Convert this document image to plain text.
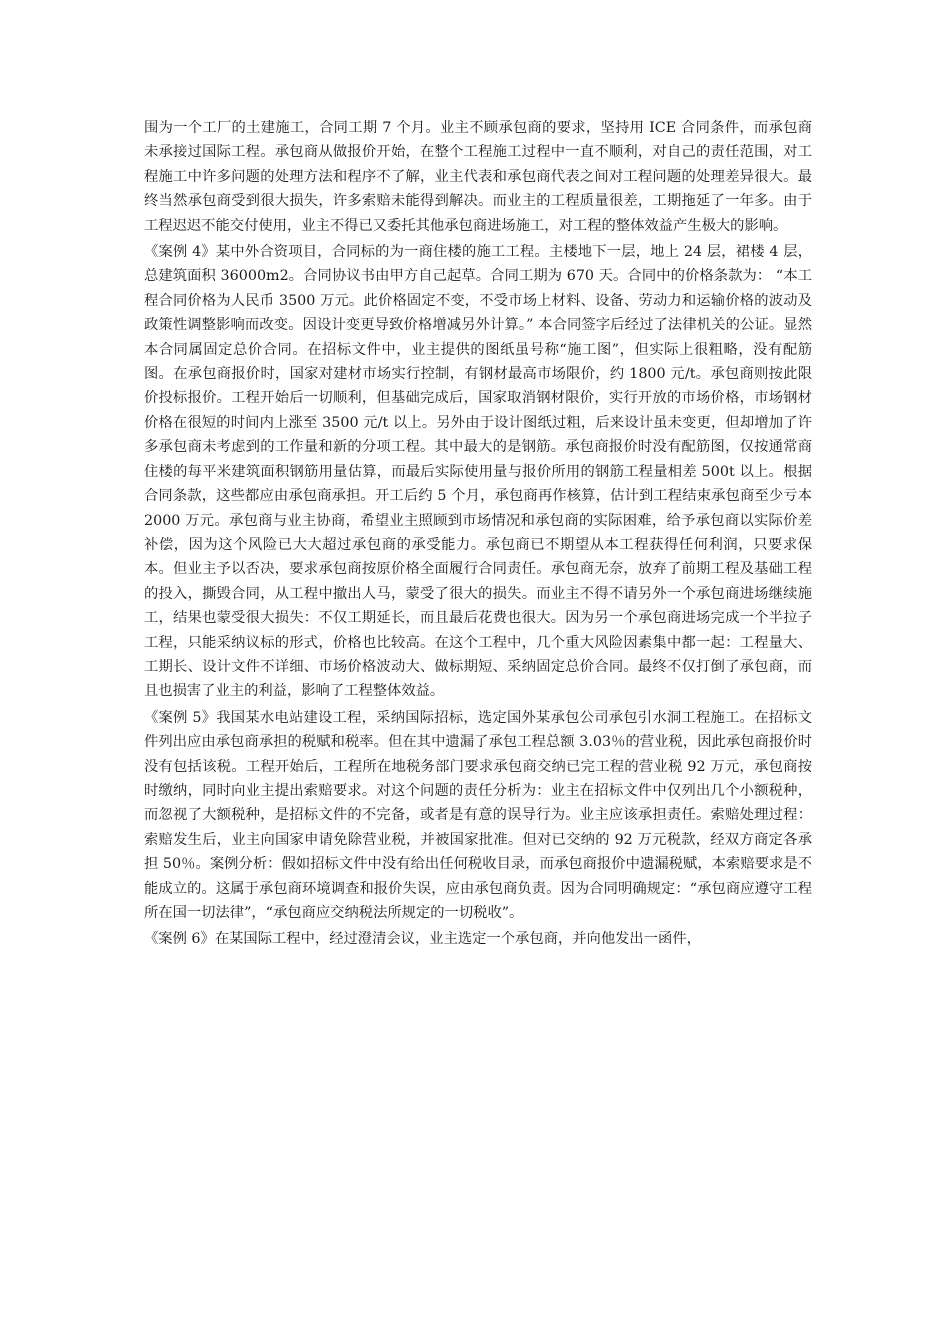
围为一个工厂的土建施工，合同工期 7 个月。业主不顾承包商的要求，坚持用 ICE 合同条件，而承包商未承接过国际工程。承包商从做报价开始，在整个工程施工过程中一直不顺利，对自己的责任范围，对工程施工中许多问题的处理方法和程序不了解，业主代表和承包商代表之间对工程问题的处理差异很大。最终当然承包商受到很大损失，许多索赔未能得到解决。而业主的工程质量很差，工期拖延了一年多。由于工程迟迟不能交付使用，业主不得已又委托其他承包商进场施工，对工程的整体效益产生极大的影响。

《案例 4》某中外合资项目，合同标的为一商住楼的施工工程。主楼地下一层，地上 24 层，裙楼 4 层，总建筑面积 36000m2。合同协议书由甲方自己起草。合同工期为 670 天。合同中的价格条款为： “本工程合同价格为人民币 3500 万元。此价格固定不变，不受市场上材料、设备、劳动力和运输价格的波动及政策性调整影响而改变。因设计变更导致价格增减另外计算。” 本合同签字后经过了法律机关的公证。显然本合同属固定总价合同。在招标文件中，业主提供的图纸虽号称“施工图”，但实际上很粗略，没有配筋图。在承包商报价时，国家对建材市场实行控制，有钢材最高市场限价，约 1800 元/t。承包商则按此限价投标报价。工程开始后一切顺利，但基础完成后，国家取消钢材限价，实行开放的市场价格，市场钢材价格在很短的时间内上涨至 3500 元/t 以上。另外由于设计图纸过粗，后来设计虽未变更，但却增加了许多承包商未考虑到的工作量和新的分项工程。其中最大的是钢筋。承包商报价时没有配筋图，仅按通常商住楼的每平米建筑面积钢筋用量估算，而最后实际使用量与报价所用的钢筋工程量相差 500t 以上。根据合同条款，这些都应由承包商承担。开工后约 5 个月，承包商再作核算，估计到工程结束承包商至少亏本 2000 万元。承包商与业主协商，希望业主照顾到市场情况和承包商的实际困难，给予承包商以实际价差补偿，因为这个风险已大大超过承包商的承受能力。承包商已不期望从本工程获得任何利润，只要求保本。但业主予以否决，要求承包商按原价格全面履行合同责任。承包商无奈，放弃了前期工程及基础工程的投入，撕毁合同，从工程中撤出人马，蒙受了很大的损失。而业主不得不请另外一个承包商进场继续施工，结果也蒙受很大损失：不仅工期延长，而且最后花费也很大。因为另一个承包商进场完成一个半拉子工程，只能采纳议标的形式，价格也比较高。在这个工程中，几个重大风险因素集中都一起：工程量大、工期长、设计文件不详细、市场价格波动大、做标期短、采纳固定总价合同。最终不仅打倒了承包商，而且也损害了业主的利益，影响了工程整体效益。

《案例 5》我国某水电站建设工程，采纳国际招标，选定国外某承包公司承包引水洞工程施工。在招标文件列出应由承包商承担的税赋和税率。但在其中遗漏了承包工程总额 3.03％的营业税，因此承包商报价时没有包括该税。工程开始后，工程所在地税务部门要求承包商交纳已完工程的营业税 92 万元，承包商按时缴纳，同时向业主提出索赔要求。对这个问题的责任分析为：业主在招标文件中仅列出几个小额税种，而忽视了大额税种，是招标文件的不完备，或者是有意的误导行为。业主应该承担责任。索赔处理过程：索赔发生后，业主向国家申请免除营业税，并被国家批准。但对已交纳的 92 万元税款，经双方商定各承担 50％。案例分析：假如招标文件中没有给出任何税收目录，而承包商报价中遗漏税赋，本索赔要求是不能成立的。这属于承包商环境调查和报价失误，应由承包商负责。因为合同明确规定：“承包商应遵守工程所在国一切法律”，“承包商应交纳税法所规定的一切税收”。

《案例 6》在某国际工程中，经过澄清会议，业主选定一个承包商，并向他发出一函件，
